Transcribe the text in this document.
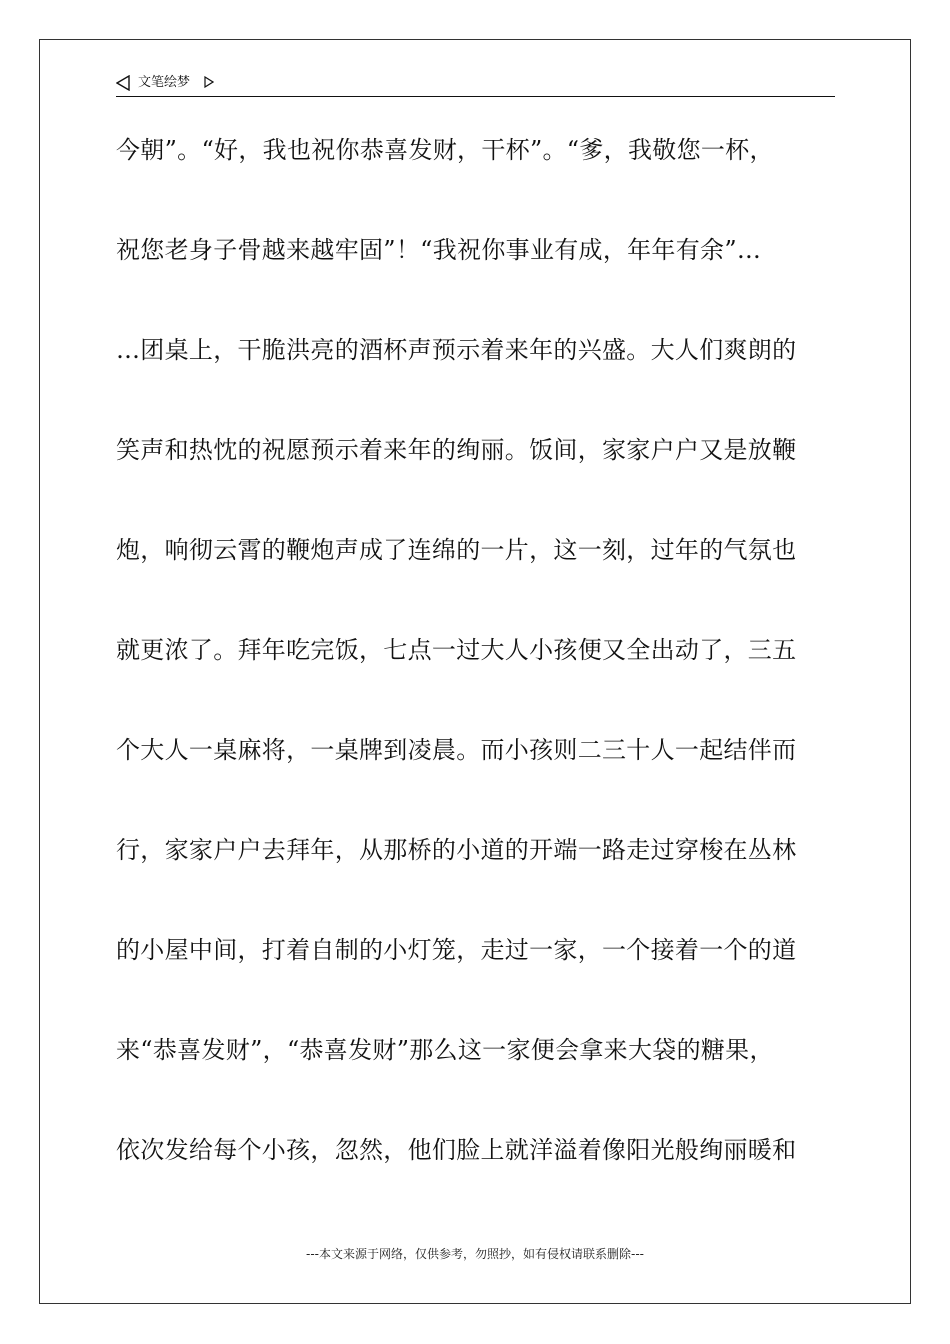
文笔绘梦
今朝”。“好，我也祝你恭喜发财，干杯”。“爹，我敬您一杯，
祝您老身子骨越来越牢固”！“我祝你事业有成，年年有余”…
…团桌上，干脆洪亮的酒杯声预示着来年的兴盛。大人们爽朗的
笑声和热忱的祝愿预示着来年的绚丽。饭间，家家户户又是放鞭
炮，响彻云霄的鞭炮声成了连绵的一片，这一刻，过年的气氛也
就更浓了。拜年吃完饭，七点一过大人小孩便又全出动了，三五
个大人一桌麻将，一桌牌到凌晨。而小孩则二三十人一起结伴而
行，家家户户去拜年，从那桥的小道的开端一路走过穿梭在丛林
的小屋中间，打着自制的小灯笼，走过一家，一个接着一个的道
来“恭喜发财”，“恭喜发财”那么这一家便会拿来大袋的糖果，
依次发给每个小孩，忽然，他们脸上就洋溢着像阳光般绚丽暖和
---本文来源于网络，仅供参考，勿照抄，如有侵权请联系删除---
